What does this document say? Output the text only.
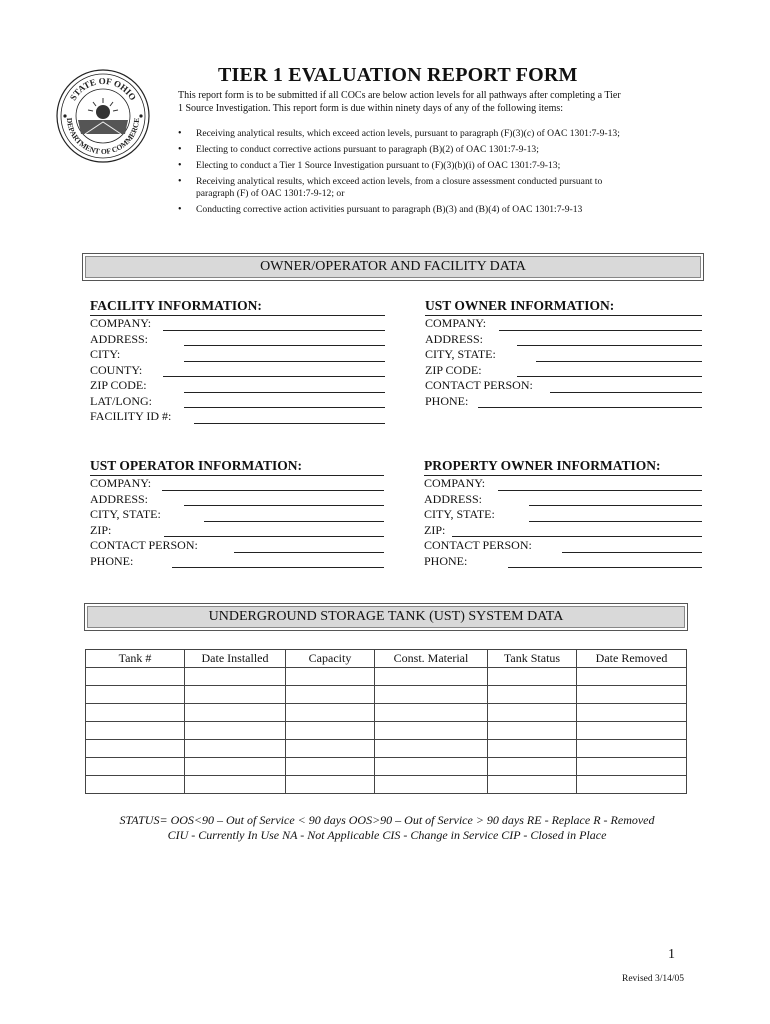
STATE OF OHIO
DEPARTMENT OF COMMERCE
TIER 1 EVALUATION REPORT FORM
This report form is to be submitted if all COCs are below action levels for all pathways after completing a Tier 1 Source Investigation. This report form is due within ninety days of any of the following items:
• Receiving analytical results, which exceed action levels, pursuant to paragraph (F)(3)(c) of OAC 1301:7-9-13;
• Electing to conduct corrective actions pursuant to paragraph (B)(2) of OAC 1301:7-9-13;
• Electing to conduct a Tier 1 Source Investigation pursuant to (F)(3)(b)(i) of OAC 1301:7-9-13;
• Receiving analytical results, which exceed action levels, from a closure assessment conducted pursuant to paragraph (F) of OAC 1301:7-9-12; or
• Conducting corrective action activities pursuant to paragraph (B)(3) and (B)(4) of OAC 1301:7-9-13
OWNER/OPERATOR AND FACILITY DATA
FACILITY INFORMATION:
COMPANY:
ADDRESS:
CITY:
COUNTY:
ZIP CODE:
LAT/LONG:
FACILITY ID #:
UST OWNER INFORMATION:
COMPANY:
ADDRESS:
CITY, STATE:
ZIP CODE:
CONTACT PERSON:
PHONE:
UST OPERATOR INFORMATION:
COMPANY:
ADDRESS:
CITY, STATE:
ZIP:
CONTACT PERSON:
PHONE:
PROPERTY OWNER INFORMATION:
COMPANY:
ADDRESS:
CITY, STATE:
ZIP:
CONTACT PERSON:
PHONE:
UNDERGROUND STORAGE TANK (UST) SYSTEM DATA
Tank #	Date Installed	Capacity	Const. Material	Tank Status	Date Removed

STATUS= OOS<90 – Out of Service < 90 days OOS>90 – Out of Service > 90 days RE - Replace R - Removed
CIU - Currently In Use NA - Not Applicable CIS - Change in Service CIP - Closed in Place
1
Revised 3/14/05
